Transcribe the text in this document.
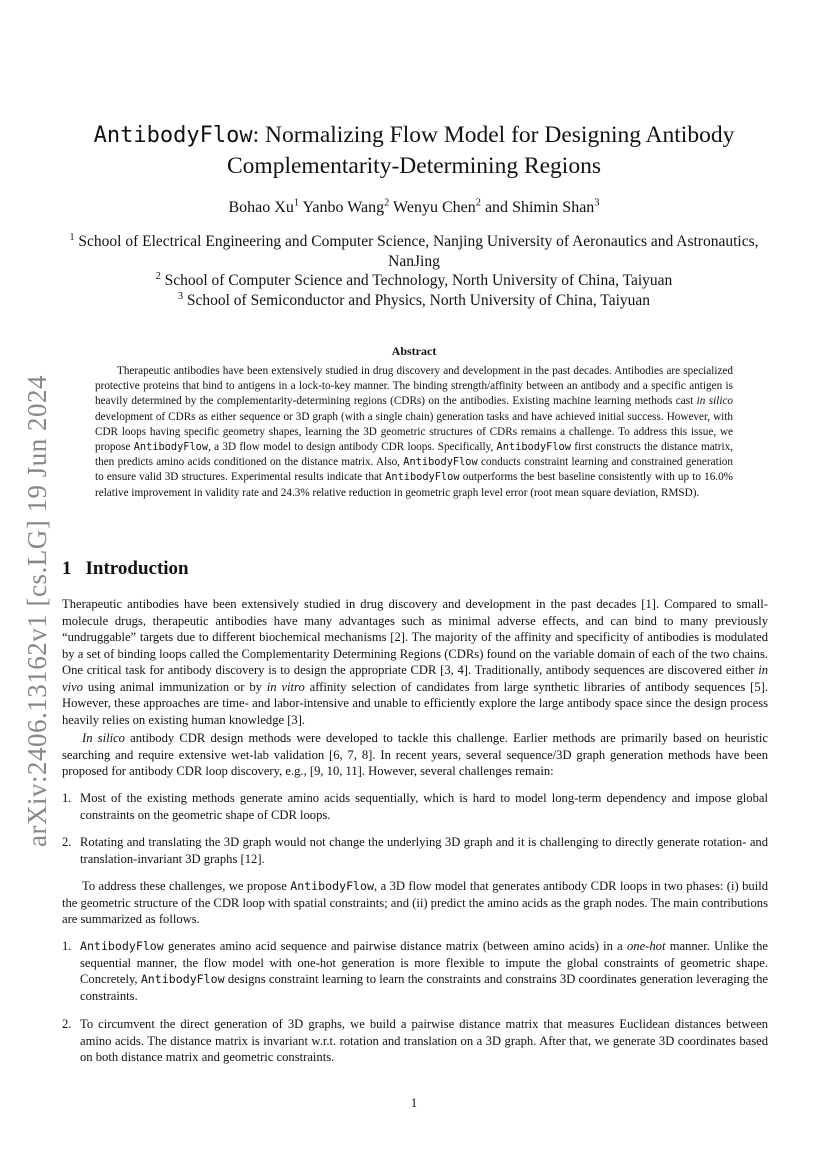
arXiv:2406.13162v1 [cs.LG] 19 Jun 2024
AntibodyFlow: Normalizing Flow Model for Designing Antibody Complementarity-Determining Regions
Bohao Xu$^1$ Yanbo Wang$^2$ Wenyu Chen$^2$ and Shimin Shan$^3$
$^1$ School of Electrical Engineering and Computer Science, Nanjing University of Aeronautics and Astronautics, NanJing
$^2$ School of Computer Science and Technology, North University of China, Taiyuan
$^3$ School of Semiconductor and Physics, North University of China, Taiyuan
Abstract

Therapeutic antibodies have been extensively studied in drug discovery and development in the past decades. Antibodies are specialized protective proteins that bind to antigens in a lock-to-key manner. The binding strength/affinity between an antibody and a specific antigen is heavily determined by the complementarity-determining regions (CDRs) on the antibodies. Existing machine learning methods cast in silico development of CDRs as either sequence or 3D graph (with a single chain) generation tasks and have achieved initial success. However, with CDR loops having specific geometry shapes, learning the 3D geometric structures of CDRs remains a challenge. To address this issue, we propose AntibodyFlow, a 3D flow model to design antibody CDR loops. Specifically, AntibodyFlow first constructs the distance matrix, then predicts amino acids conditioned on the distance matrix. Also, AntibodyFlow conducts constraint learning and constrained generation to ensure valid 3D structures. Experimental results indicate that AntibodyFlow outperforms the best baseline consistently with up to 16.0% relative improvement in validity rate and 24.3% relative reduction in geometric graph level error (root mean square deviation, RMSD).

1 Introduction

Therapeutic antibodies have been extensively studied in drug discovery and development in the past decades [1]. Compared to small-molecule drugs, therapeutic antibodies have many advantages such as minimal adverse effects, and can bind to many previously “undruggable” targets due to different biochemical mechanisms [2]. The majority of the affinity and specificity of antibodies is modulated by a set of binding loops called the Complementarity Determining Regions (CDRs) found on the variable domain of each of the two chains. One critical task for antibody discovery is to design the appropriate CDR [3, 4]. Traditionally, antibody sequences are discovered either in vivo using animal immunization or by in vitro affinity selection of candidates from large synthetic libraries of antibody sequences [5]. However, these approaches are time- and labor-intensive and unable to efficiently explore the large antibody space since the design process heavily relies on existing human knowledge [3].

In silico antibody CDR design methods were developed to tackle this challenge. Earlier methods are primarily based on heuristic searching and require extensive wet-lab validation [6, 7, 8]. In recent years, several sequence/3D graph generation methods have been proposed for antibody CDR loop discovery, e.g., [9, 10, 11]. However, several challenges remain:

1. Most of the existing methods generate amino acids sequentially, which is hard to model long-term dependency and impose global constraints on the geometric shape of CDR loops.
2. Rotating and translating the 3D graph would not change the underlying 3D graph and it is challenging to directly generate rotation- and translation-invariant 3D graphs [12].

To address these challenges, we propose AntibodyFlow, a 3D flow model that generates antibody CDR loops in two phases: (i) build the geometric structure of the CDR loop with spatial constraints; and (ii) predict the amino acids as the graph nodes. The main contributions are summarized as follows.

1. AntibodyFlow generates amino acid sequence and pairwise distance matrix (between amino acids) in a one-hot manner. Unlike the sequential manner, the flow model with one-hot generation is more flexible to impute the global constraints of geometric shape. Concretely, AntibodyFlow designs constraint learning to learn the constraints and constrains 3D coordinates generation leveraging the constraints.
2. To circumvent the direct generation of 3D graphs, we build a pairwise distance matrix that measures Euclidean distances between amino acids. The distance matrix is invariant w.r.t. rotation and translation on a 3D graph. After that, we generate 3D coordinates based on both distance matrix and geometric constraints.
1
